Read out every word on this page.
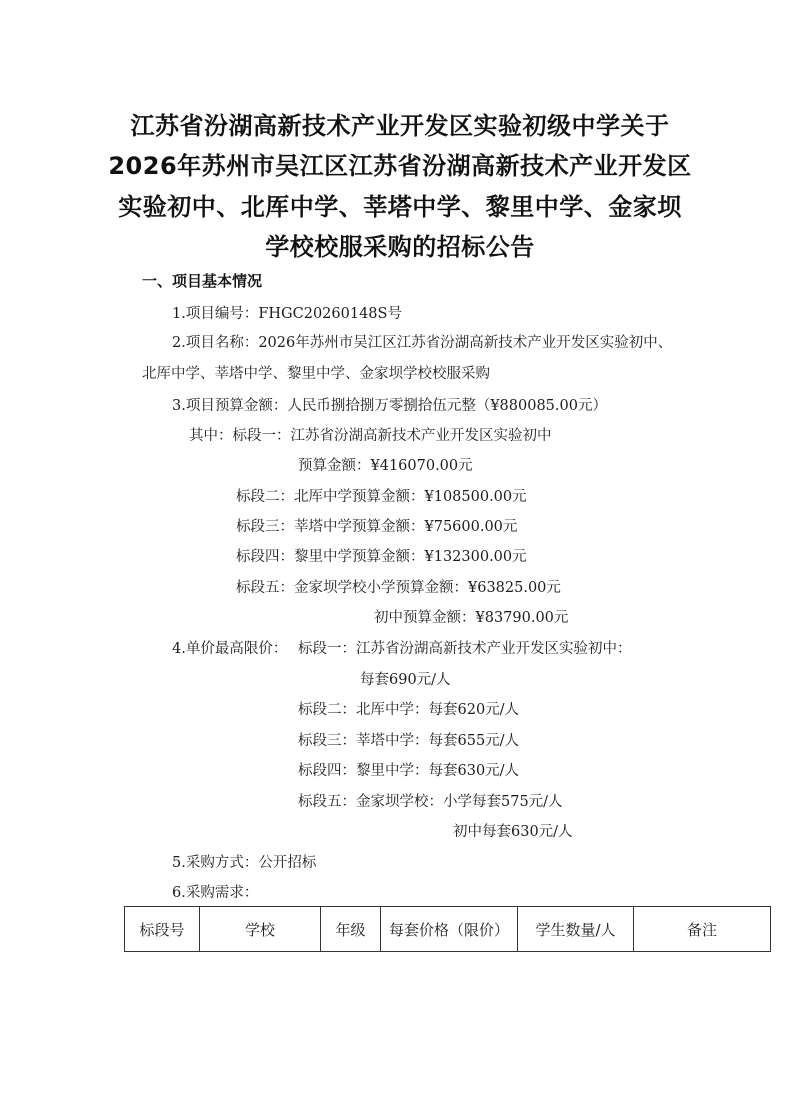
江苏省汾湖高新技术产业开发区实验初级中学关于
2026年苏州市吴江区江苏省汾湖高新技术产业开发区
实验初中、北厍中学、莘塔中学、黎里中学、金家坝
学校校服采购的招标公告
一、项目基本情况
1.项目编号：FHGC20260148S号
2.项目名称：2026年苏州市吴江区江苏省汾湖高新技术产业开发区实验初中、
北厍中学、莘塔中学、黎里中学、金家坝学校校服采购
3.项目预算金额：人民币捌拾捌万零捌拾伍元整（¥880085.00元）
其中：标段一：江苏省汾湖高新技术产业开发区实验初中
预算金额：¥416070.00元
标段二：北厍中学预算金额：¥108500.00元
标段三：莘塔中学预算金额：¥75600.00元
标段四：黎里中学预算金额：¥132300.00元
标段五：金家坝学校小学预算金额：¥63825.00元
初中预算金额：¥83790.00元
4.单价最高限价： 标段一：江苏省汾湖高新技术产业开发区实验初中：
每套690元/人
标段二：北厍中学：每套620元/人
标段三：莘塔中学：每套655元/人
标段四：黎里中学：每套630元/人
标段五：金家坝学校：小学每套575元/人
初中每套630元/人
5.采购方式：公开招标
6.采购需求：
标段号	学校	年级	每套价格（限价）	学生数量/人	备注
